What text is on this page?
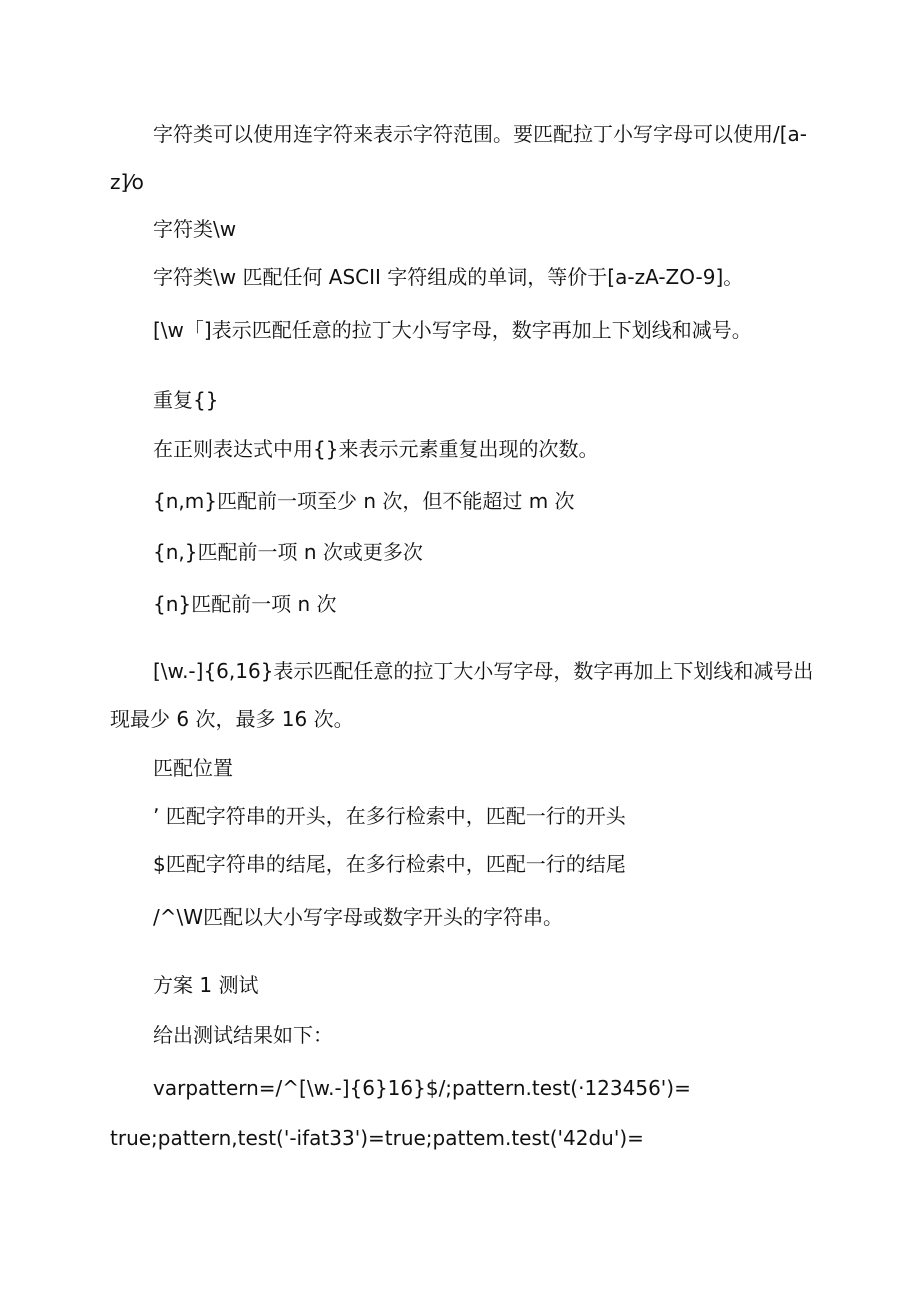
字符类可以使用连字符来表示字符范围。要匹配拉丁小写字母可以使用/[a-

z]⁄o

字符类\w

字符类\w 匹配任何 ASCII 字符组成的单词，等价于[a-zA-ZO-9]。

[\w「]表示匹配任意的拉丁大小写字母，数字再加上下划线和减号。

重复{}

在正则表达式中用{}来表示元素重复出现的次数。

{n,m}匹配前一项至少 n 次，但不能超过 m 次

{n,}匹配前一项 n 次或更多次

{n}匹配前一项 n 次

[\w.-]{6,16}表示匹配任意的拉丁大小写字母，数字再加上下划线和减号出

现最少 6 次，最多 16 次。

匹配位置

ʼ 匹配字符串的开头，在多行检索中，匹配一行的开头

$匹配字符串的结尾，在多行检索中，匹配一行的结尾

/^\W匹配以大小写字母或数字开头的字符串。

方案 1 测试

给出测试结果如下：

varpattern=/^[\w.-]{6}16}$/;pattern.test(·123456')=

true;pattern,test('-ifat33')=true;pattem.test('42du')=
